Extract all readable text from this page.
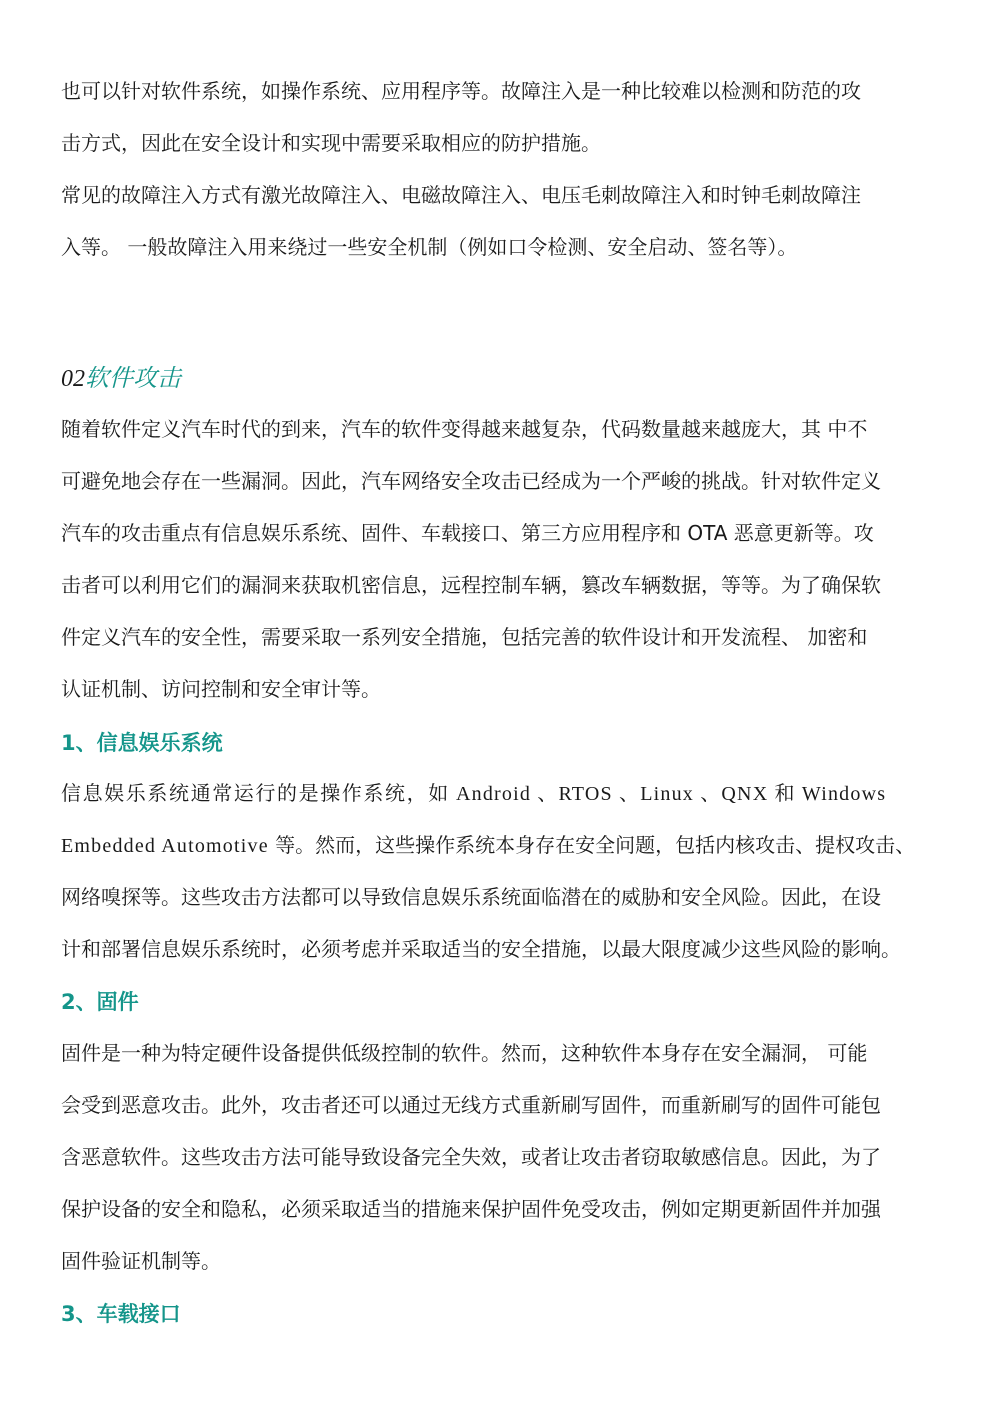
也可以针对软件系统，如操作系统、应用程序等。故障注入是一种比较难以检测和防范的攻
击方式，因此在安全设计和实现中需要采取相应的防护措施。
常见的故障注入方式有激光故障注入、电磁故障注入、电压毛刺故障注入和时钟毛刺故障注
入等。 一般故障注入用来绕过一些安全机制（例如口令检测、安全启动、签名等）。
02软件攻击
随着软件定义汽车时代的到来，汽车的软件变得越来越复杂，代码数量越来越庞大，其 中不
可避免地会存在一些漏洞。因此，汽车网络安全攻击已经成为一个严峻的挑战。针对软件定义
汽车的攻击重点有信息娱乐系统、固件、车载接口、第三方应用程序和 OTA 恶意更新等。攻
击者可以利用它们的漏洞来获取机密信息，远程控制车辆，篡改车辆数据，等等。为了确保软
件定义汽车的安全性，需要采取一系列安全措施，包括完善的软件设计和开发流程、 加密和
认证机制、访问控制和安全审计等。
1、信息娱乐系统
信息娱乐系统通常运行的是操作系统，如 Android 、RTOS 、Linux 、QNX 和 Windows
Embedded Automotive 等。然而，这些操作系统本身存在安全问题，包括内核攻击、提权攻击、
网络嗅探等。这些攻击方法都可以导致信息娱乐系统面临潜在的威胁和安全风险。因此，在设
计和部署信息娱乐系统时，必须考虑并采取适当的安全措施，以最大限度减少这些风险的影响。
2、固件
固件是一种为特定硬件设备提供低级控制的软件。然而，这种软件本身存在安全漏洞， 可能
会受到恶意攻击。此外，攻击者还可以通过无线方式重新刷写固件，而重新刷写的固件可能包
含恶意软件。这些攻击方法可能导致设备完全失效，或者让攻击者窃取敏感信息。因此，为了
保护设备的安全和隐私，必须采取适当的措施来保护固件免受攻击，例如定期更新固件并加强
固件验证机制等。
3、车载接口
